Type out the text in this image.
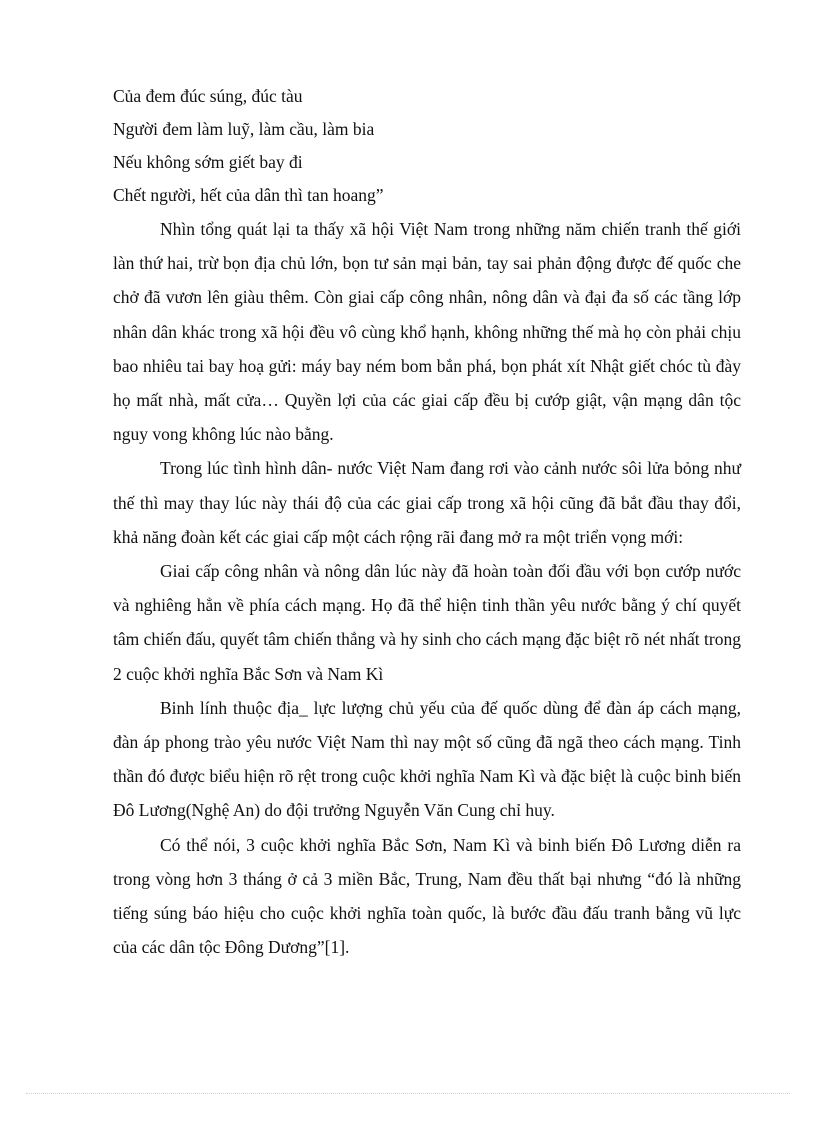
Của đem đúc súng, đúc tàu
Người đem làm luỹ, làm cầu, làm bia
Nếu không sớm giết bay đi
Chết người, hết của dân thì tan hoang”

Nhìn tổng quát lại ta thấy xã hội Việt Nam trong những năm chiến tranh thế giới làn thứ hai, trừ bọn địa chủ lớn, bọn tư sản mại bản, tay sai phản động được đế quốc che chở đã vươn lên giàu thêm. Còn giai cấp công nhân, nông dân và đại đa số các tầng lớp nhân dân khác trong xã hội đều vô cùng khổ hạnh, không những thế mà họ còn phải chịu bao nhiêu tai bay hoạ gửi: máy bay ném bom bắn phá, bọn phát xít Nhật giết chóc tù đày họ mất nhà, mất cửa… Quyền lợi của các giai cấp đều bị cướp giật, vận mạng dân tộc nguy vong không lúc nào bằng.

Trong lúc tình hình dân- nước Việt Nam đang rơi vào cảnh nước sôi lửa bỏng như thế thì may thay lúc này thái độ của các giai cấp trong xã hội cũng đã bắt đầu thay đổi, khả năng đoàn kết các giai cấp một cách rộng rãi đang mở ra một triển vọng mới:

Giai cấp công nhân và nông dân lúc này đã hoàn toàn đối đầu với bọn cướp nước và nghiêng hẳn về phía cách mạng. Họ đã thể hiện tinh thần yêu nước bằng ý chí quyết tâm chiến đấu, quyết tâm chiến thắng và hy sinh cho cách mạng đặc biệt rõ nét nhất trong 2 cuộc khởi nghĩa Bắc Sơn và Nam Kì

Binh lính thuộc địa_ lực lượng chủ yếu của đế quốc dùng để đàn áp cách mạng, đàn áp phong trào yêu nước Việt Nam thì nay một số cũng đã ngã theo cách mạng. Tinh thần đó được biểu hiện rõ rệt trong cuộc khởi nghĩa Nam Kì và đặc biệt là cuộc binh biến Đô Lương(Nghệ An) do đội trưởng Nguyễn Văn Cung chỉ huy.

Có thể nói, 3 cuộc khởi nghĩa Bắc Sơn, Nam Kì và binh biến Đô Lương diễn ra trong vòng hơn 3 tháng ở cả 3 miền Bắc, Trung, Nam đều thất bại nhưng “đó là những tiếng súng báo hiệu cho cuộc khởi nghĩa toàn quốc, là bước đầu đấu tranh bằng vũ lực của các dân tộc Đông Dương”[1].
